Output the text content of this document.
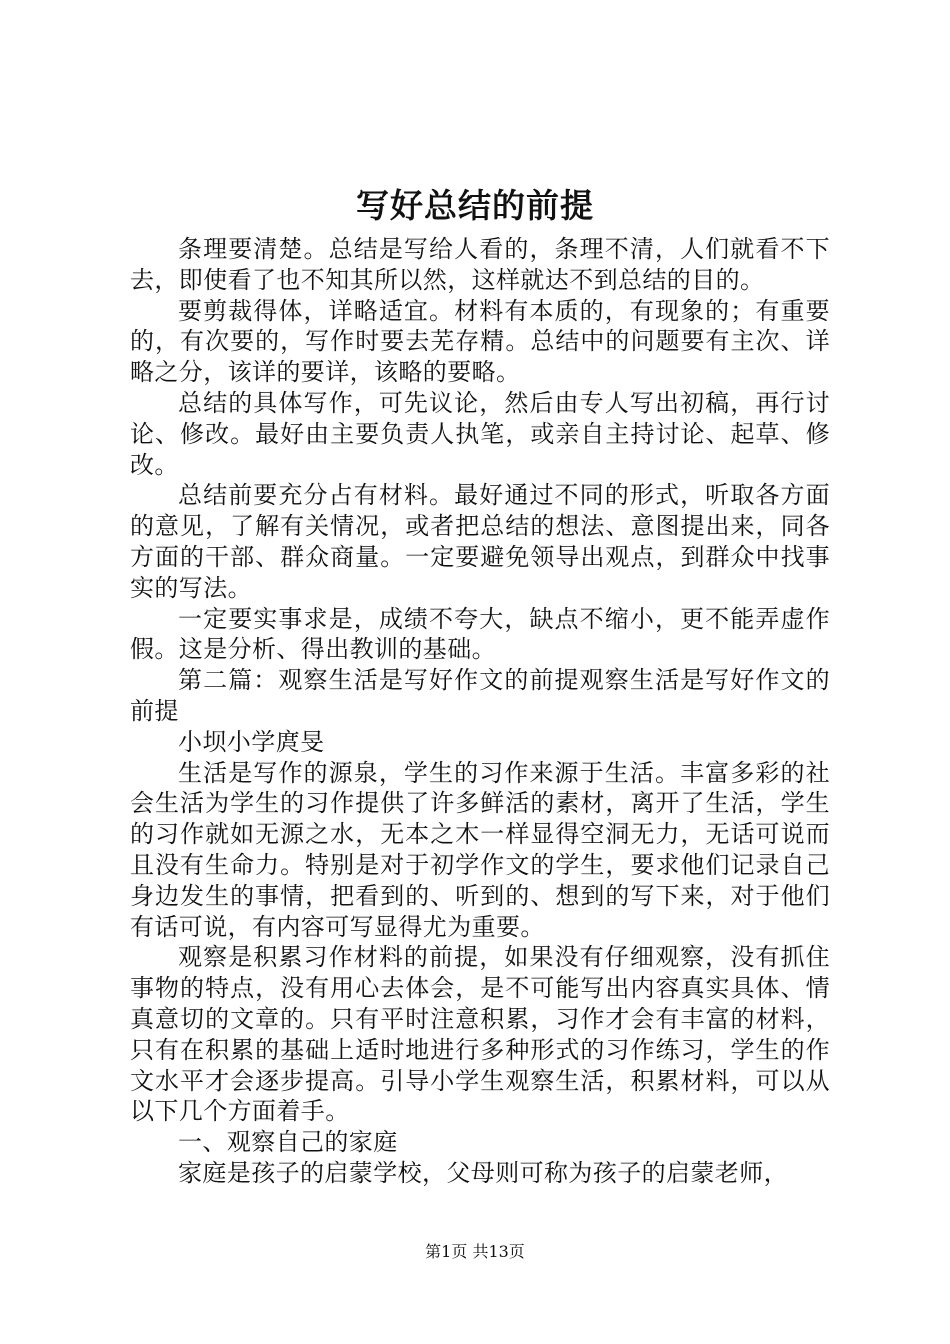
写好总结的前提

条理要清楚。总结是写给人看的，条理不清，人们就看不下去，即使看了也不知其所以然，这样就达不到总结的目的。

要剪裁得体，详略适宜。材料有本质的，有现象的；有重要的，有次要的，写作时要去芜存精。总结中的问题要有主次、详略之分，该详的要详，该略的要略。

总结的具体写作，可先议论，然后由专人写出初稿，再行讨论、修改。最好由主要负责人执笔，或亲自主持讨论、起草、修改。

总结前要充分占有材料。最好通过不同的形式，听取各方面的意见，了解有关情况，或者把总结的想法、意图提出来，同各方面的干部、群众商量。一定要避免领导出观点，到群众中找事实的写法。

一定要实事求是，成绩不夸大，缺点不缩小，更不能弄虚作假。这是分析、得出教训的基础。

第二篇：观察生活是写好作文的前提观察生活是写好作文的前提

小坝小学庹旻

生活是写作的源泉，学生的习作来源于生活。丰富多彩的社会生活为学生的习作提供了许多鲜活的素材，离开了生活，学生的习作就如无源之水，无本之木一样显得空洞无力，无话可说而且没有生命力。特别是对于初学作文的学生，要求他们记录自己身边发生的事情，把看到的、听到的、想到的写下来，对于他们有话可说，有内容可写显得尤为重要。

观察是积累习作材料的前提，如果没有仔细观察，没有抓住事物的特点，没有用心去体会，是不可能写出内容真实具体、情真意切的文章的。只有平时注意积累，习作才会有丰富的材料，只有在积累的基础上适时地进行多种形式的习作练习，学生的作文水平才会逐步提高。引导小学生观察生活，积累材料，可以从以下几个方面着手。

一、观察自己的家庭

家庭是孩子的启蒙学校，父母则可称为孩子的启蒙老师，

第1页 共13页
